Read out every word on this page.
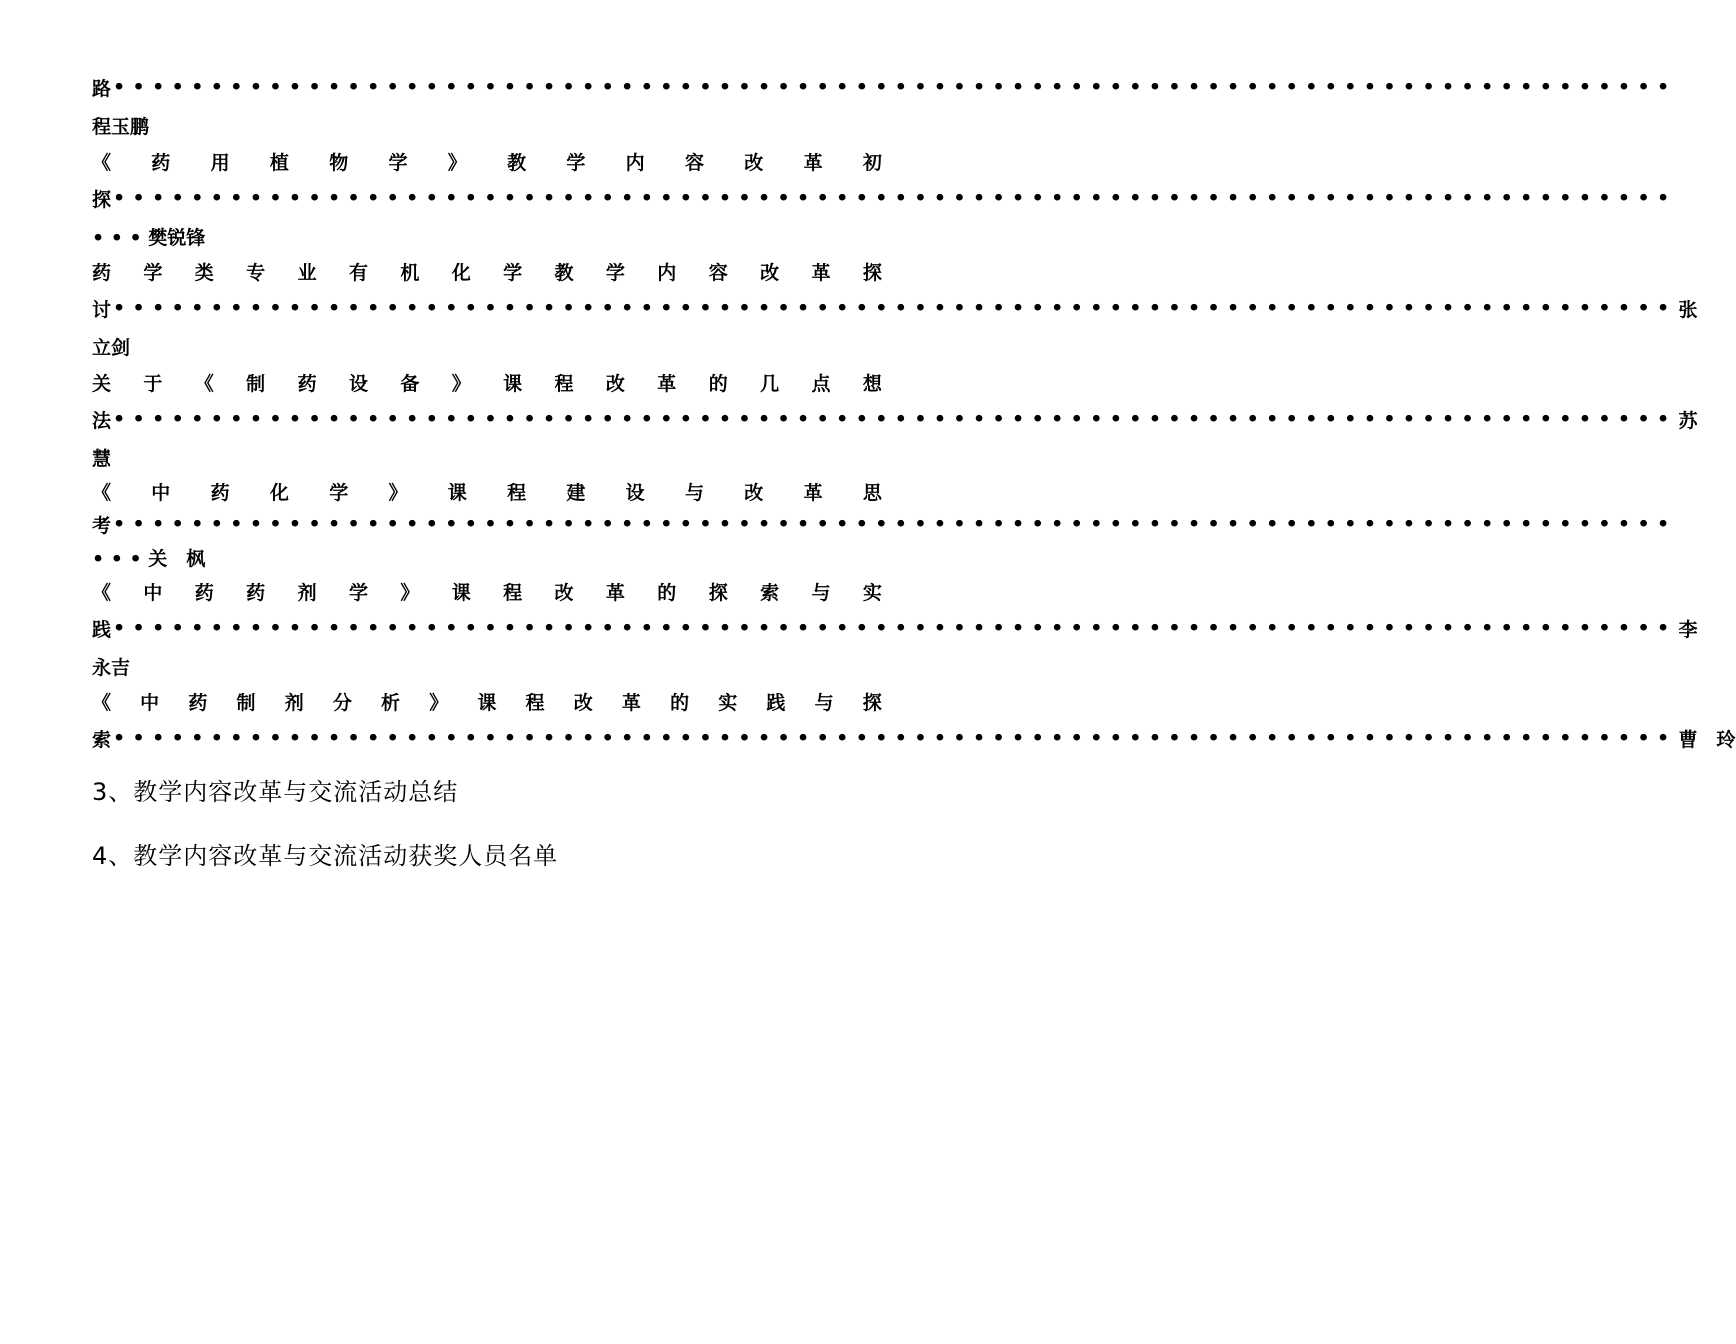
路 ••••••••••••••••••••••••••••••••••••••••••••••••••••••••••••••••••••••••••••••••
程玉鹏
《 药 用 植 物 学 》 教 学 内 容 改 革 初
探 ••••••••••••••••••••••••••••••••••••••••••••••••••••••••••••••••••••••••••••••••
• • • 樊锐锋
药 学 类 专 业 有 机 化 学 教 学 内 容 改 革 探
讨 •••••••••••••••••••••••••••••••••••••••••••••••••••••••••••••••••••••••••••••••• 张
立剑
关 于 《 制 药 设 备 》 课 程 改 革 的 几 点 想
法 •••••••••••••••••••••••••••••••••••••••••••••••••••••••••••••••••••••••••••••••• 苏
慧
《 中 药 化 学 》 课 程 建 设 与 改 革 思
考 ••••••••••••••••••••••••••••••••••••••••••••••••••••••••••••••••••••••••••••••••
• • • 关　枫
《 中 药 药 剂 学 》 课 程 改 革 的 探 索 与 实
践 •••••••••••••••••••••••••••••••••••••••••••••••••••••••••••••••••••••••••••••••• 李
永吉
《 中 药 制 剂 分 析 》 课 程 改 革 的 实 践 与 探
索 •••••••••••••••••••••••••••••••••••••••••••••••••••••••••••••••••••••••••••••••• 曹　玲
3、教学内容改革与交流活动总结
4、教学内容改革与交流活动获奖人员名单
